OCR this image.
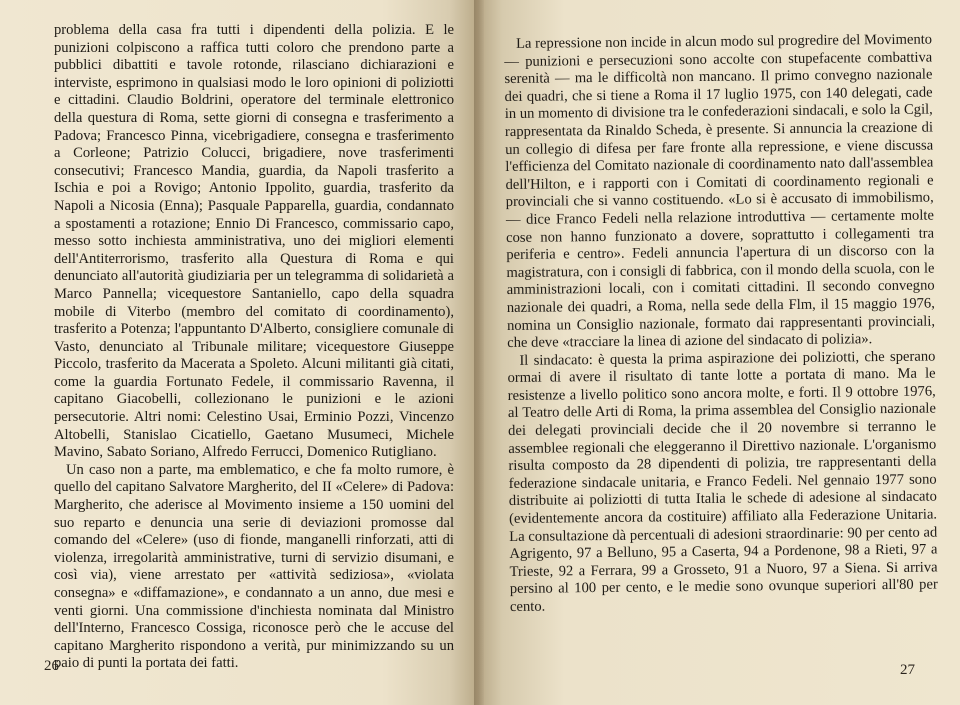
problema della casa fra tutti i dipendenti della polizia. E le punizioni colpiscono a raffica tutti coloro che prendono parte a pubblici dibattiti e tavole rotonde, rilasciano dichiarazioni e interviste, esprimono in qualsiasi modo le loro opinioni di poliziotti e cittadini. Claudio Boldrini, operatore del terminale elettronico della questura di Roma, sette giorni di consegna e trasferimento a Padova; Francesco Pinna, vicebrigadiere, consegna e trasferimento a Corleone; Patrizio Colucci, brigadiere, nove trasferimenti consecutivi; Francesco Mandia, guardia, da Napoli trasferito a Ischia e poi a Rovigo; Antonio Ippolito, guardia, trasferito da Napoli a Nicosia (Enna); Pasquale Papparella, guardia, condannato a spostamenti a rotazione; Ennio Di Francesco, commissario capo, messo sotto inchiesta amministrativa, uno dei migliori elementi dell'Antiterrorismo, trasferito alla Questura di Roma e qui denunciato all'autorità giudiziaria per un telegramma di solidarietà a Marco Pannella; vicequestore Santaniello, capo della squadra mobile di Viterbo (membro del comitato di coordinamento), trasferito a Potenza; l'appuntanto D'Alberto, consigliere comunale di Vasto, denunciato al Tribunale militare; vicequestore Giuseppe Piccolo, trasferito da Macerata a Spoleto. Alcuni militanti già citati, come la guardia Fortunato Fedele, il commissario Ravenna, il capitano Giacobelli, collezionano le punizioni e le azioni persecutorie. Altri nomi: Celestino Usai, Erminio Pozzi, Vincenzo Altobelli, Stanislao Cicatiello, Gaetano Musumeci, Michele Mavino, Sabato Soriano, Alfredo Ferrucci, Domenico Rutigliano.

Un caso non a parte, ma emblematico, e che fa molto rumore, è quello del capitano Salvatore Margherito, del II «Celere» di Padova: Margherito, che aderisce al Movimento insieme a 150 uomini del suo reparto e denuncia una serie di deviazioni promosse dal comando del «Celere» (uso di fionde, manganelli rinforzati, atti di violenza, irregolarità amministrative, turni di servizio disumani, e così via), viene arrestato per «attività sediziosa», «violata consegna» e «diffamazione», e condannato a un anno, due mesi e venti giorni. Una commissione d'inchiesta nominata dal Ministro dell'Interno, Francesco Cossiga, riconosce però che le accuse del capitano Margherito rispondono a verità, pur minimizzando su un paio di punti la portata dei fatti.

26

La repressione non incide in alcun modo sul progredire del Movimento — punizioni e persecuzioni sono accolte con stupefacente combattiva serenità — ma le difficoltà non mancano. Il primo convegno nazionale dei quadri, che si tiene a Roma il 17 luglio 1975, con 140 delegati, cade in un momento di divisione tra le confederazioni sindacali, e solo la Cgil, rappresentata da Rinaldo Scheda, è presente. Si annuncia la creazione di un collegio di difesa per fare fronte alla repressione, e viene discussa l'efficienza del Comitato nazionale di coordinamento nato dall'assemblea dell'Hilton, e i rapporti con i Comitati di coordinamento regionali e provinciali che si vanno costituendo. «Lo si è accusato di immobilismo, — dice Franco Fedeli nella relazione introduttiva — certamente molte cose non hanno funzionato a dovere, soprattutto i collegamenti tra periferia e centro». Fedeli annuncia l'apertura di un discorso con la magistratura, con i consigli di fabbrica, con il mondo della scuola, con le amministrazioni locali, con i comitati cittadini. Il secondo convegno nazionale dei quadri, a Roma, nella sede della Flm, il 15 maggio 1976, nomina un Consiglio nazionale, formato dai rappresentanti provinciali, che deve «tracciare la linea di azione del sindacato di polizia».

Il sindacato: è questa la prima aspirazione dei poliziotti, che sperano ormai di avere il risultato di tante lotte a portata di mano. Ma le resistenze a livello politico sono ancora molte, e forti. Il 9 ottobre 1976, al Teatro delle Arti di Roma, la prima assemblea del Consiglio nazionale dei delegati provinciali decide che il 20 novembre si terranno le assemblee regionali che eleggeranno il Direttivo nazionale. L'organismo risulta composto da 28 dipendenti di polizia, tre rappresentanti della federazione sindacale unitaria, e Franco Fedeli. Nel gennaio 1977 sono distribuite ai poliziotti di tutta Italia le schede di adesione al sindacato (evidentemente ancora da costituire) affiliato alla Federazione Unitaria. La consultazione dà percentuali di adesioni straordinarie: 90 per cento ad Agrigento, 97 a Belluno, 95 a Caserta, 94 a Pordenone, 98 a Rieti, 97 a Trieste, 92 a Ferrara, 99 a Grosseto, 91 a Nuoro, 97 a Siena. Si arriva persino al 100 per cento, e le medie sono ovunque superiori all'80 per cento.

27
